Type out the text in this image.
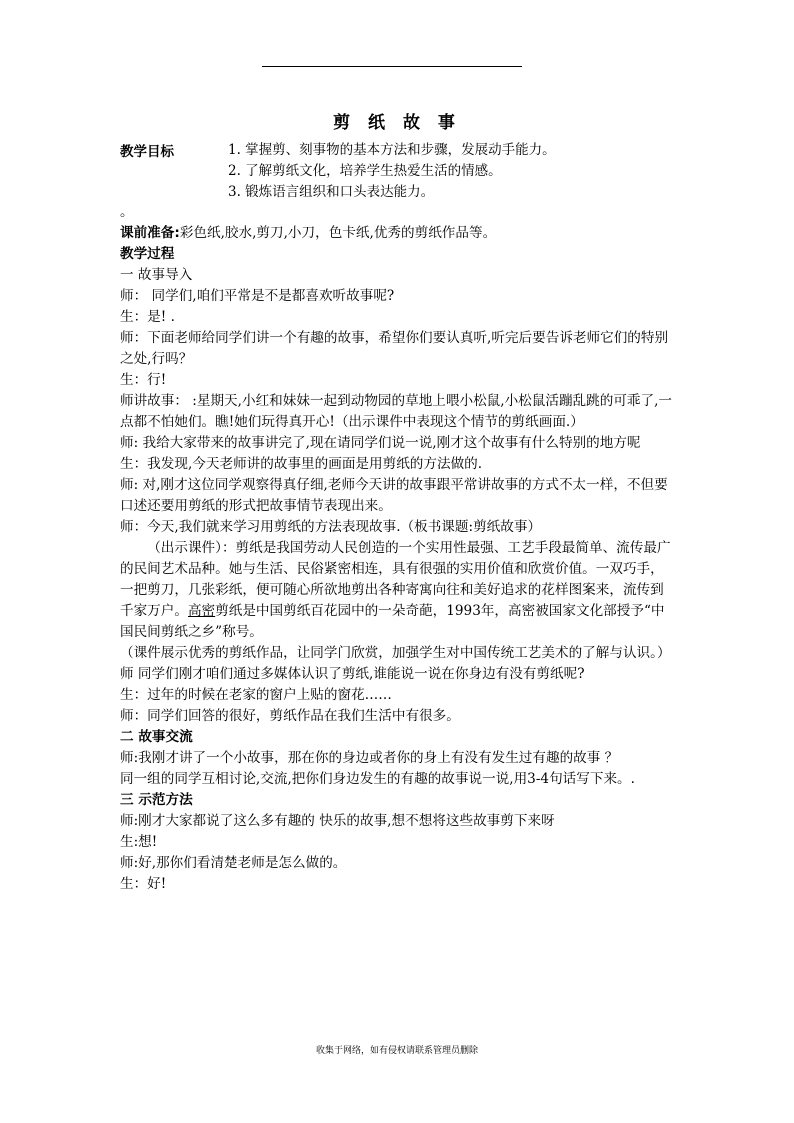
剪 纸 故 事
教学目标	1. 掌握剪、刻事物的基本方法和步骤，发展动手能力。
2. 了解剪纸文化，培养学生热爱生活的情感。
3. 锻炼语言组织和口头表达能力。

。

课前准备:彩色纸,胶水,剪刀,小刀，色卡纸,优秀的剪纸作品等。

教学过程

一 故事导入

师： 同学们,咱们平常是不是都喜欢听故事呢?

生：是! .

师：下面老师给同学们讲一个有趣的故事，希望你们要认真听,听完后要告诉老师它们的特别之处,行吗？

生：行!

师讲故事： :星期天,小红和妹妹一起到动物园的草地上喂小松鼠,小松鼠活蹦乱跳的可乖了,一点都不怕她们。瞧!她们玩得真开心!（出示课件中表现这个情节的剪纸画面.）

师: 我给大家带来的故事讲完了,现在请同学们说一说,刚才这个故事有什么特别的地方呢

生：我发现,今天老师讲的故事里的画面是用剪纸的方法做的.

师: 对,刚才这位同学观察得真仔细,老师今天讲的故事跟平常讲故事的方式不太一样，不但要口述还要用剪纸的形式把故事情节表现出来。

师：今天,我们就来学习用剪纸的方法表现故事.（板书课题:剪纸故事）

（出示课件）：剪纸是我国劳动人民创造的一个实用性最强、工艺手段最简单、流传最广的民间艺术品种。她与生活、民俗紧密相连，具有很强的实用价值和欣赏价值。一双巧手，一把剪刀，几张彩纸，便可随心所欲地剪出各种寄寓向往和美好追求的花样图案来，流传到千家万户。高密剪纸是中国剪纸百花园中的一朵奇葩，1993年，高密被国家文化部授予“中国民间剪纸之乡”称号。

（课件展示优秀的剪纸作品，让同学门欣赏，加强学生对中国传统工艺美术的了解与认识。）

师 同学们刚才咱们通过多媒体认识了剪纸,谁能说一说在你身边有没有剪纸呢?

生：过年的时候在老家的窗户上贴的窗花……

师：同学们回答的很好，剪纸作品在我们生活中有很多。

二 故事交流

师:我刚才讲了一个小故事，那在你的身边或者你的身上有没有发生过有趣的故事 ？

同一组的同学互相讨论,交流,把你们身边发生的有趣的故事说一说,用3-4句话写下来。.

三 示范方法

师:刚才大家都说了这么多有趣的 快乐的故事,想不想将这些故事剪下来呀

生:想!

师:好,那你们看清楚老师是怎么做的。

生：好!

收集于网络，如有侵权请联系管理员删除
